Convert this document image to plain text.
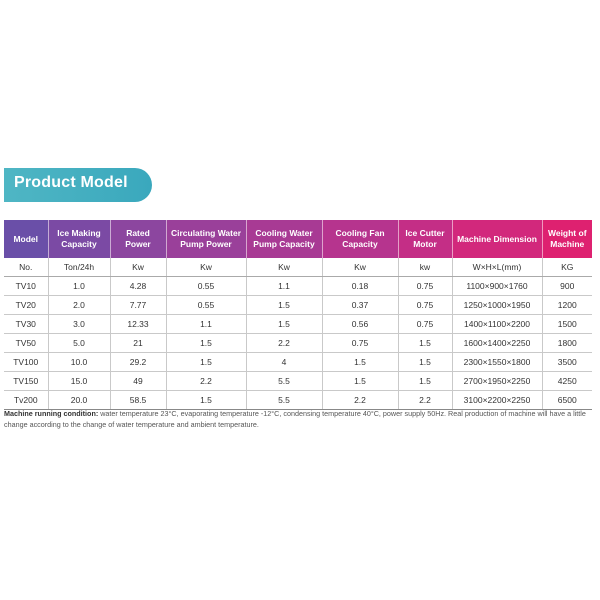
Product Model
Model	Ice Making Capacity	Rated Power	Circulating Water Pump Power	Cooling Water Pump Capacity	Cooling Fan Capacity	Ice Cutter Motor	Machine Dimension	Weight of Machine
No.	Ton/24h	Kw	Kw	Kw	Kw	kw	W×H×L(mm)	KG
TV10	1.0	4.28	0.55	1.1	0.18	0.75	1100×900×1760	900
TV20	2.0	7.77	0.55	1.5	0.37	0.75	1250×1000×1950	1200
TV30	3.0	12.33	1.1	1.5	0.56	0.75	1400×1100×2200	1500
TV50	5.0	21	1.5	2.2	0.75	1.5	1600×1400×2250	1800
TV100	10.0	29.2	1.5	4	1.5	1.5	2300×1550×1800	3500
TV150	15.0	49	2.2	5.5	1.5	1.5	2700×1950×2250	4250
Tv200	20.0	58.5	1.5	5.5	2.2	2.2	3100×2200×2250	6500
Machine running condition: water temperature 23°C, evaporating temperature -12°C, condensing temperature 40°C, power supply 50Hz. Real production of machine will have a little change according to the change of water temperature and ambient temperature.
